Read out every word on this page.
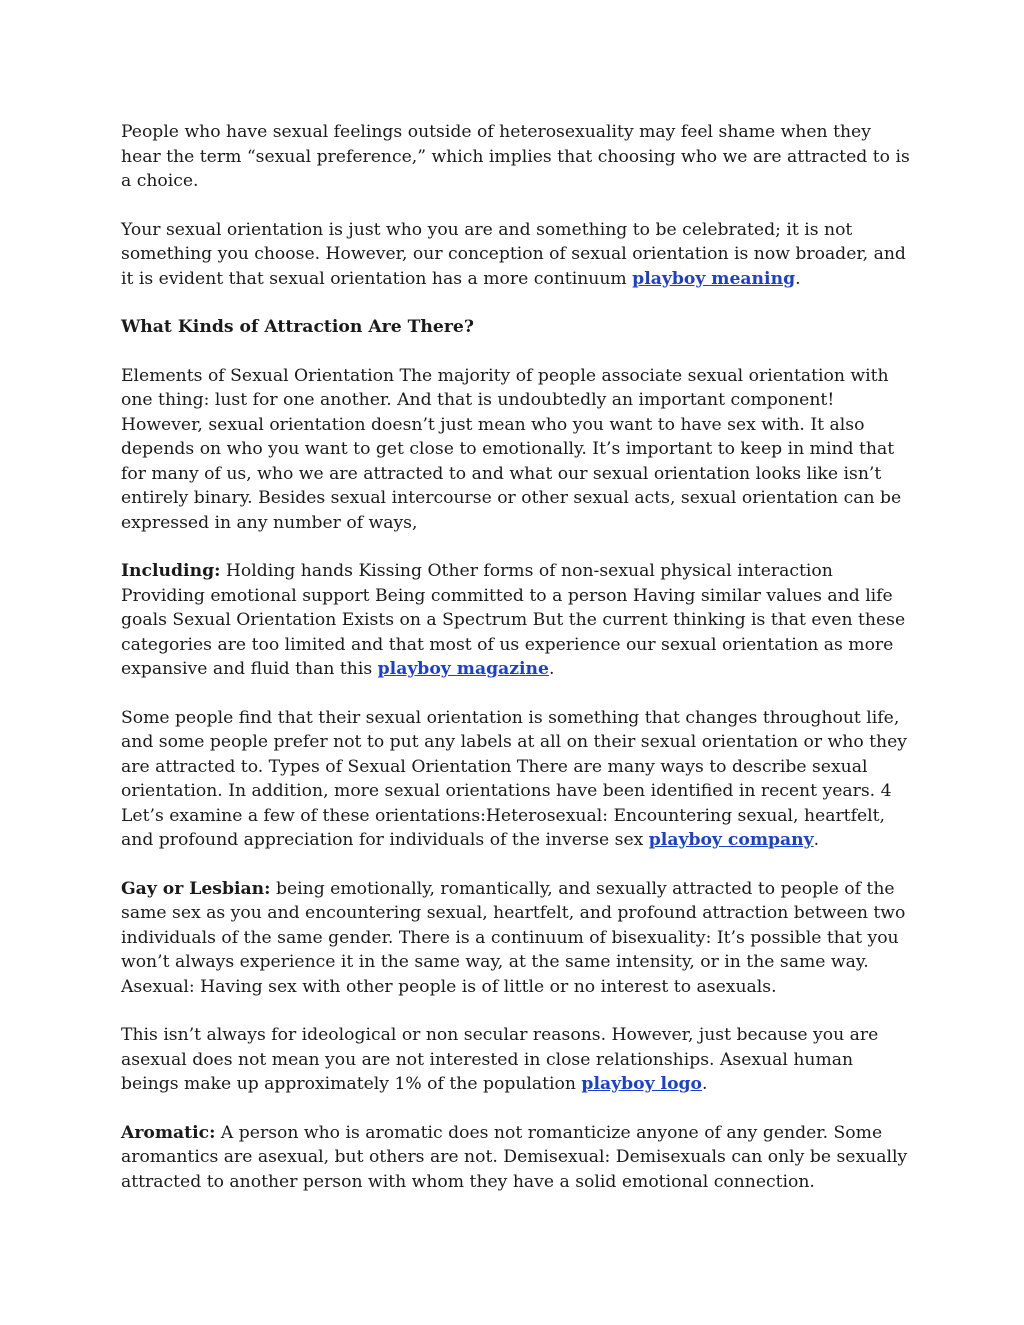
People who have sexual feelings outside of heterosexuality may feel shame when they hear the term “sexual preference,” which implies that choosing who we are attracted to is a choice.

Your sexual orientation is just who you are and something to be celebrated; it is not something you choose. However, our conception of sexual orientation is now broader, and it is evident that sexual orientation has a more continuum playboy meaning.

What Kinds of Attraction Are There?

Elements of Sexual Orientation The majority of people associate sexual orientation with one thing: lust for one another. And that is undoubtedly an important component! However, sexual orientation doesn’t just mean who you want to have sex with. It also depends on who you want to get close to emotionally. It’s important to keep in mind that for many of us, who we are attracted to and what our sexual orientation looks like isn’t entirely binary. Besides sexual intercourse or other sexual acts, sexual orientation can be expressed in any number of ways,

Including: Holding hands Kissing Other forms of non-sexual physical interaction Providing emotional support Being committed to a person Having similar values and life goals Sexual Orientation Exists on a Spectrum But the current thinking is that even these categories are too limited and that most of us experience our sexual orientation as more expansive and fluid than this playboy magazine.

Some people find that their sexual orientation is something that changes throughout life, and some people prefer not to put any labels at all on their sexual orientation or who they are attracted to. Types of Sexual Orientation There are many ways to describe sexual orientation. In addition, more sexual orientations have been identified in recent years. 4 Let’s examine a few of these orientations:Heterosexual: Encountering sexual, heartfelt, and profound appreciation for individuals of the inverse sex playboy company.

Gay or Lesbian: being emotionally, romantically, and sexually attracted to people of the same sex as you and encountering sexual, heartfelt, and profound attraction between two individuals of the same gender. There is a continuum of bisexuality: It’s possible that you won’t always experience it in the same way, at the same intensity, or in the same way. Asexual: Having sex with other people is of little or no interest to asexuals.

This isn’t always for ideological or non secular reasons. However, just because you are asexual does not mean you are not interested in close relationships. Asexual human beings make up approximately 1% of the population playboy logo.

Aromatic: A person who is aromatic does not romanticize anyone of any gender. Some aromantics are asexual, but others are not. Demisexual: Demisexuals can only be sexually attracted to another person with whom they have a solid emotional connection.
